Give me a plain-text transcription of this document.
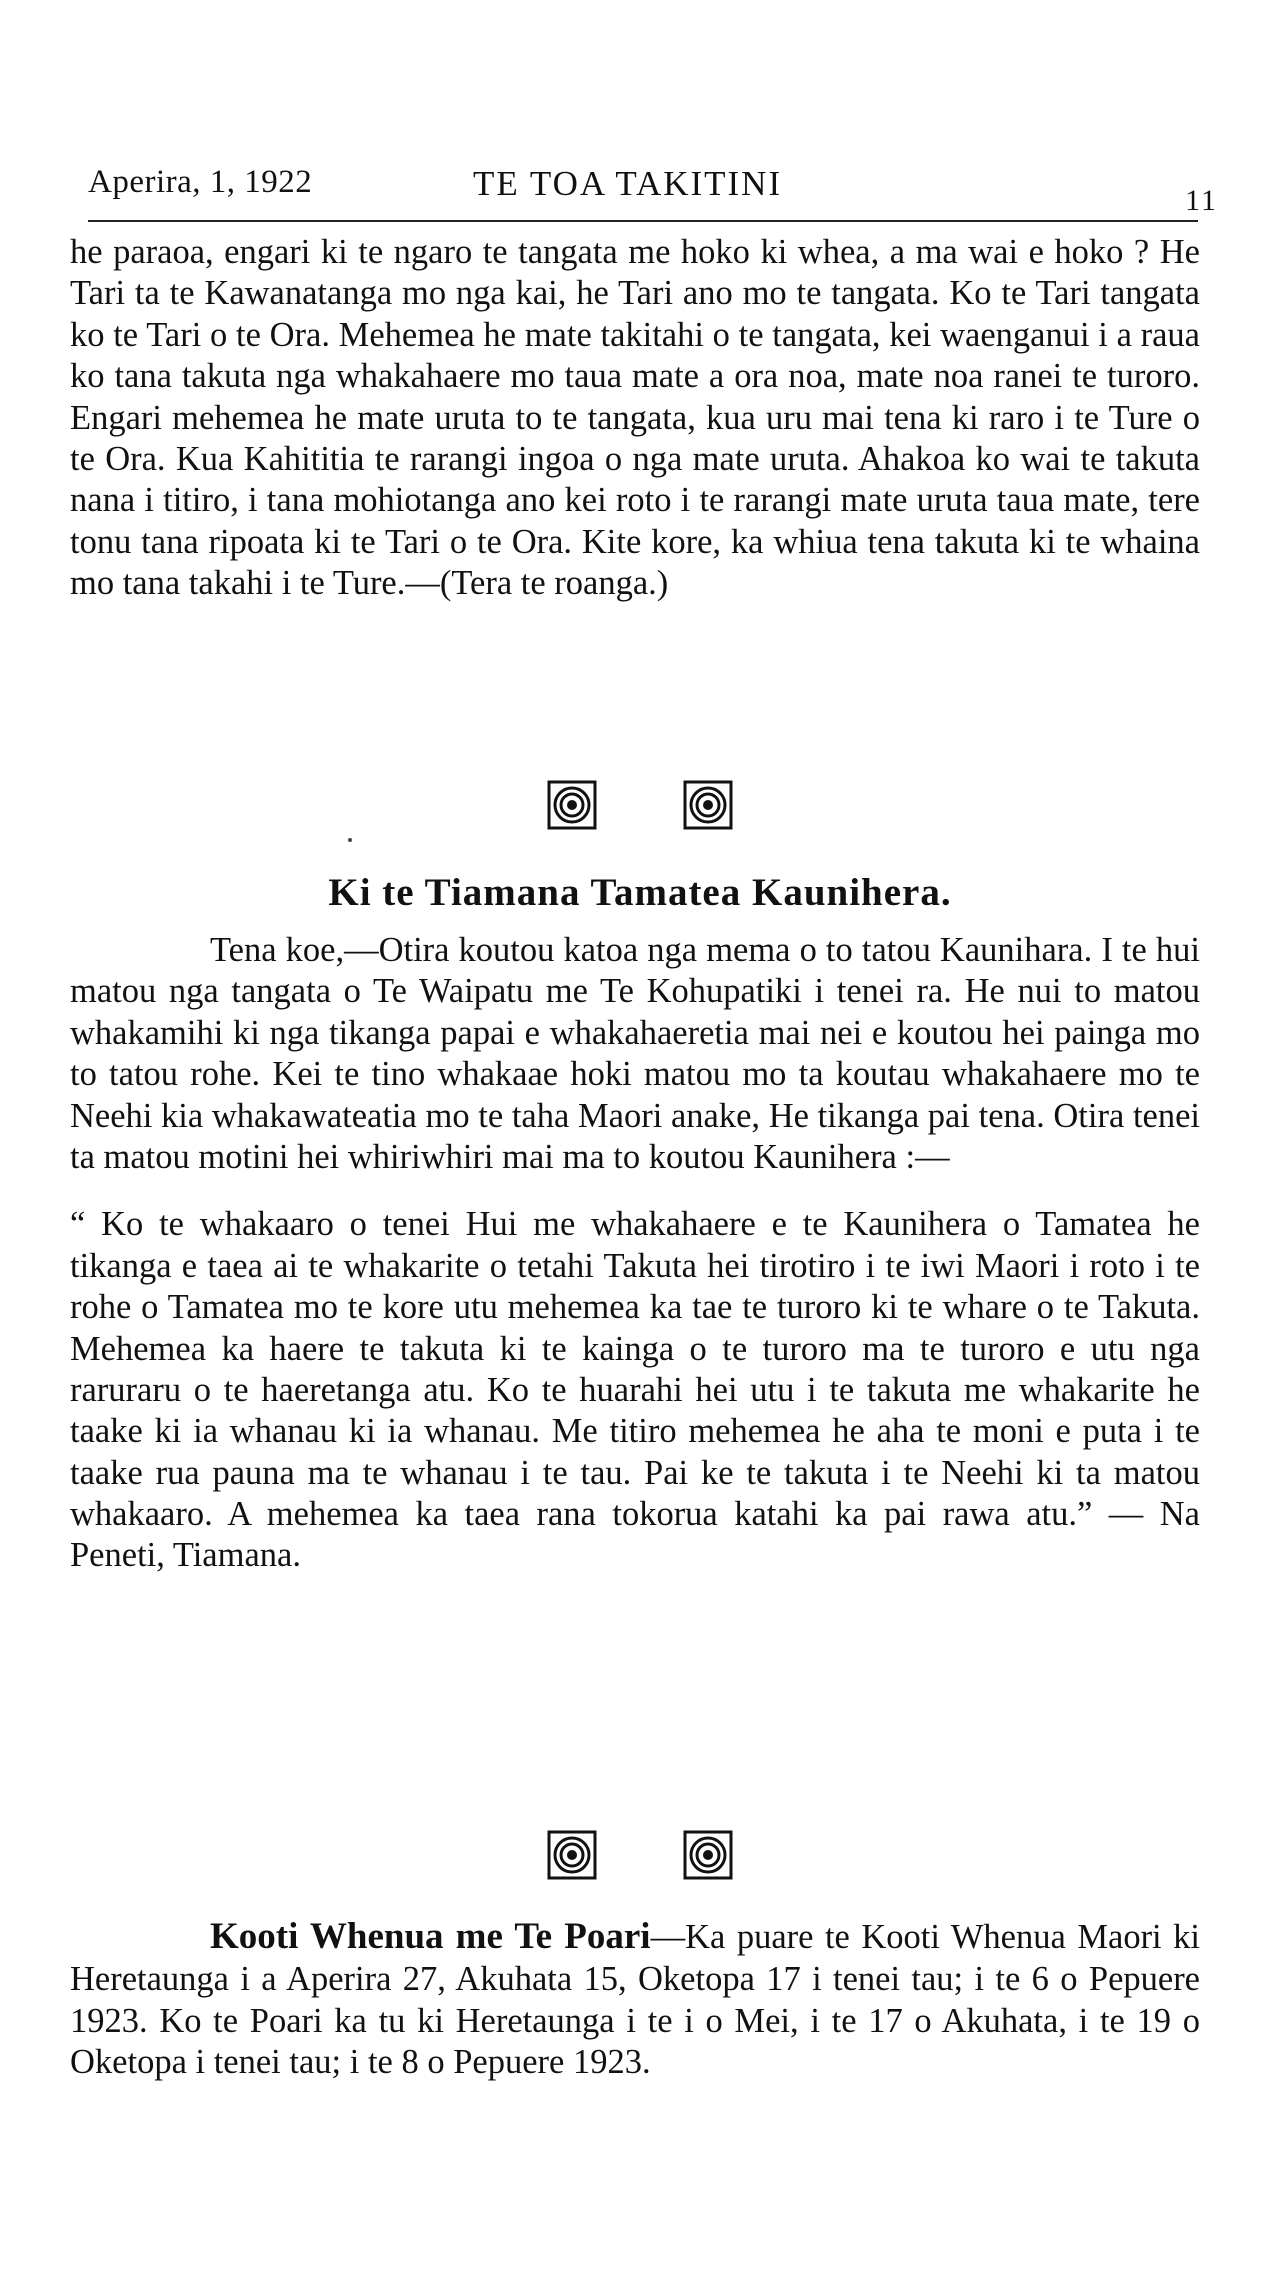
Aperira, 1, 1922	TE TOA TAKITINI	11

he paraoa, engari ki te ngaro te tangata me hoko ki whea, a ma wai e hoko ? He Tari ta te Kawanatanga mo nga kai, he Tari ano mo te tangata. Ko te Tari tangata ko te Tari o te Ora. Mehemea he mate takitahi o te tangata, kei waenganui i a raua ko tana takuta nga whakahaere mo taua mate a ora noa, mate noa ranei te turoro. Engari mehemea he mate uruta to te tangata, kua uru mai tena ki raro i te Ture o te Ora. Kua Kahititia te rarangi ingoa o nga mate uruta. Ahakoa ko wai te takuta nana i titiro, i tana mohiotanga ano kei roto i te rarangi mate uruta taua mate, tere tonu tana ripoata ki te Tari o te Ora. Kite kore, ka whiua tena takuta ki te whaina mo tana takahi i te Ture.—(Tera te roanga.)

Ki te Tiamana Tamatea Kaunihera.

Tena koe,—Otira koutou katoa nga mema o to tatou Kaunihara. I te hui matou nga tangata o Te Waipatu me Te Kohupatiki i tenei ra. He nui to matou whakamihi ki nga tikanga papai e whakahaeretia mai nei e koutou hei painga mo to tatou rohe. Kei te tino whakaae hoki matou mo ta koutau whakahaere mo te Neehi kia whakawateatia mo te taha Maori anake, He tikanga pai tena. Otira tenei ta matou motini hei whiriwhiri mai ma to koutou Kaunihera :—

“ Ko te whakaaro o tenei Hui me whakahaere e te Kaunihera o Tamatea he tikanga e taea ai te whakarite o tetahi Takuta hei tirotiro i te iwi Maori i roto i te rohe o Tamatea mo te kore utu mehemea ka tae te turoro ki te whare o te Takuta. Mehemea ka haere te takuta ki te kainga o te turoro ma te turoro e utu nga raruraru o te haeretanga atu. Ko te huarahi hei utu i te takuta me whakarite he taake ki ia whanau ki ia whanau. Me titiro mehemea he aha te moni e puta i te taake rua pauna ma te whanau i te tau. Pai ke te takuta i te Neehi ki ta matou whakaaro. A mehemea ka taea rana tokorua katahi ka pai rawa atu.” — Na Peneti, Tiamana.

Kooti Whenua me Te Poari—Ka puare te Kooti Whenua Maori ki Heretaunga i a Aperira 27, Akuhata 15, Oketopa 17 i tenei tau; i te 6 o Pepuere 1923. Ko te Poari ka tu ki Heretaunga i te i o Mei, i te 17 o Akuhata, i te 19 o Oketopa i tenei tau; i te 8 o Pepuere 1923.
